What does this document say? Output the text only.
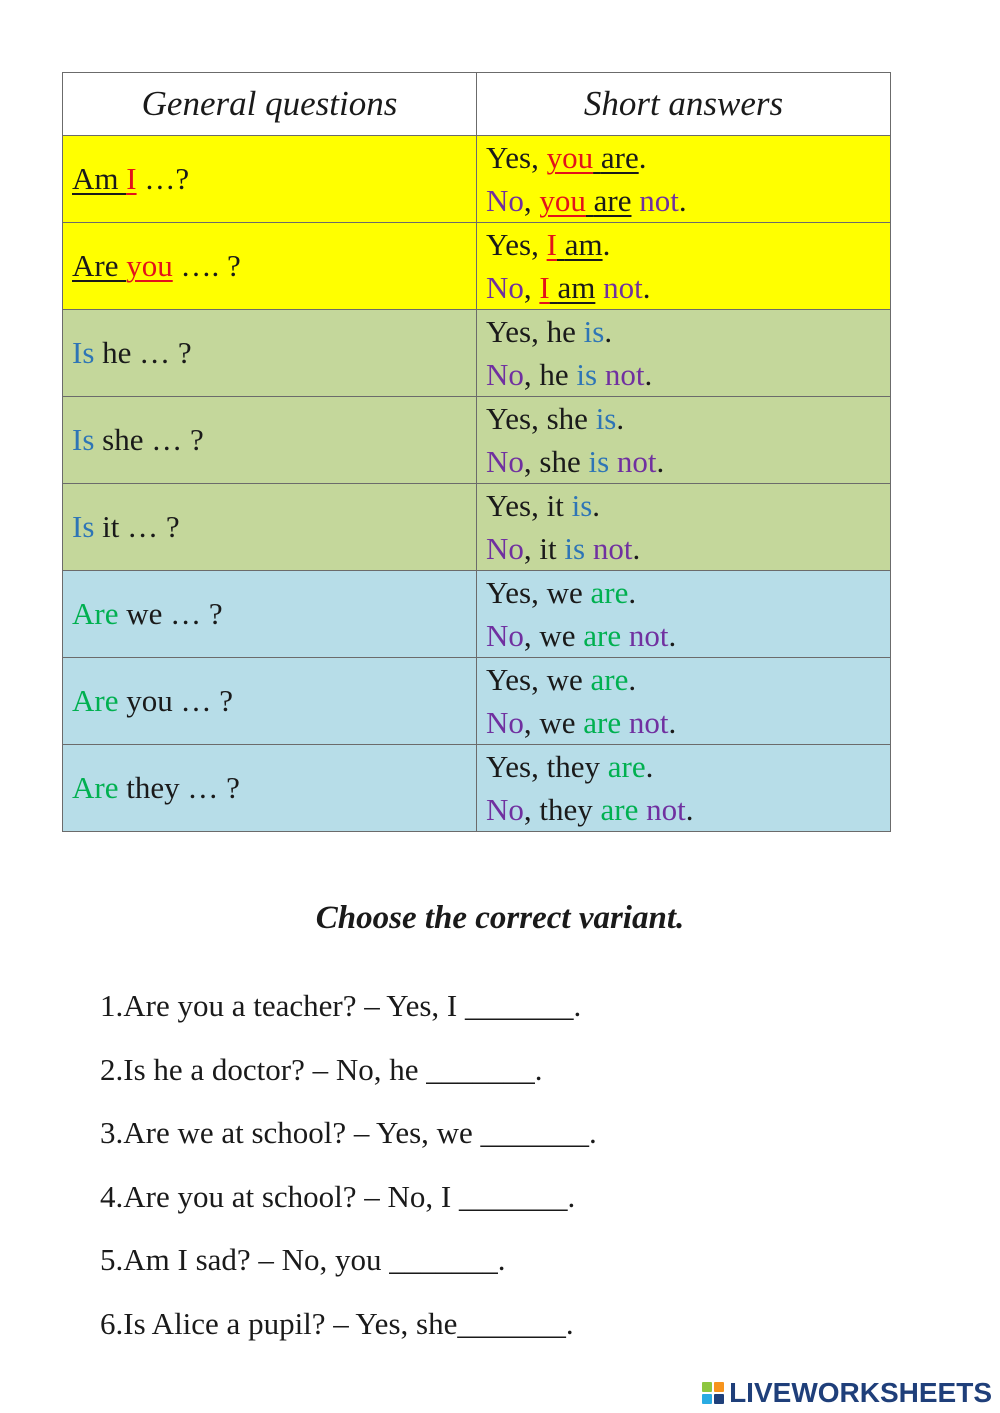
General questions	Short answers
Am I …?	Yes, you are.
No, you are not.

Are you …. ?	Yes, I am.
No, I am not.

Is he … ?	Yes, he is.
No, he is not.

Is she … ?	Yes, she is.
No, she is not.

Is it … ?	Yes, it is.
No, it is not.

Are we … ?	Yes, we are.
No, we are not.

Are you … ?	Yes, we are.
No, we are not.

Are they … ?	Yes, they are.
No, they are not.
Choose the correct variant.
1.Are you a teacher? – Yes, I _______.
2.Is he a doctor? – No, he _______.
3.Are we at school? – Yes, we _______.
4.Are you at school? – No, I _______.
5.Am I sad? – No, you _______.
6.Is Alice a pupil? – Yes, she_______.
LIVEWORKSHEETS
